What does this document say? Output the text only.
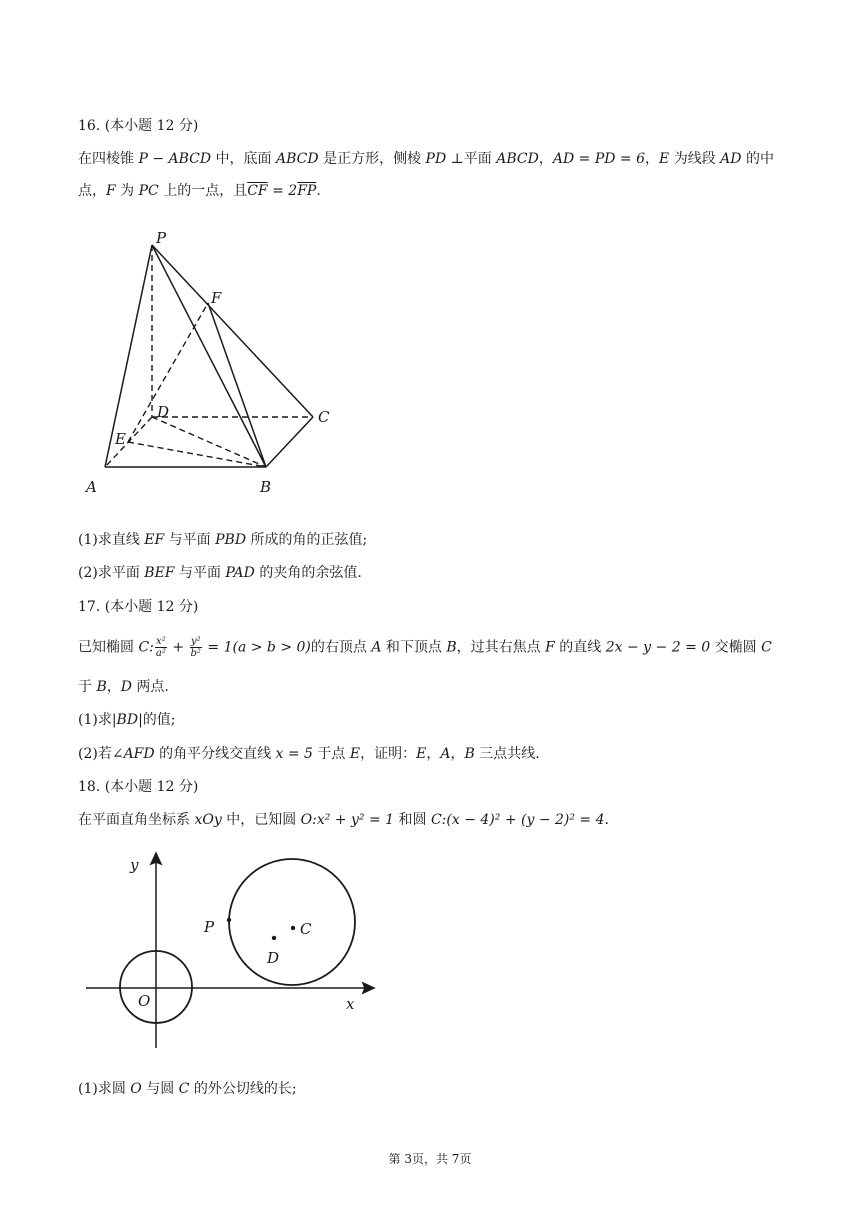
16. (本小题 12 分)
在四棱锥 P − ABCD 中，底面 ABCD 是正方形，侧棱 PD ⊥平面 ABCD，AD = PD = 6，E 为线段 AD 的中
点，F 为 PC 上的一点，且$\overline{CF} = 2\overline{FP}$.
P
F
D	C
E
A	B
(1)求直线 EF 与平面 PBD 所成的角的正弦值;
(2)求平面 BEF 与平面 PAD 的夹角的余弦值.
17. (本小题 12 分)
已知椭圆 C: $\frac{\text{x²}}{\text{a²}} + \frac{\text{y²}}{\text{b²}} = 1(a > b > 0)$的右顶点 A 和下顶点 B，过其右焦点 F 的直线 2x − y − 2 = 0 交椭圆 C
于 B，D 两点.
(1)求|BD|的值;
(2)若∠AFD 的角平分线交直线 x = 5 于点 E，证明：E，A，B 三点共线.
18. (本小题 12 分)
在平面直角坐标系 xOy 中，已知圆 O:x² + y² = 1 和圆 C:(x − 4)² + (y − 2)² = 4.
y
x
O
P	C
D
(1)求圆 O 与圆 C 的外公切线的长;
第 3页，共 7页
